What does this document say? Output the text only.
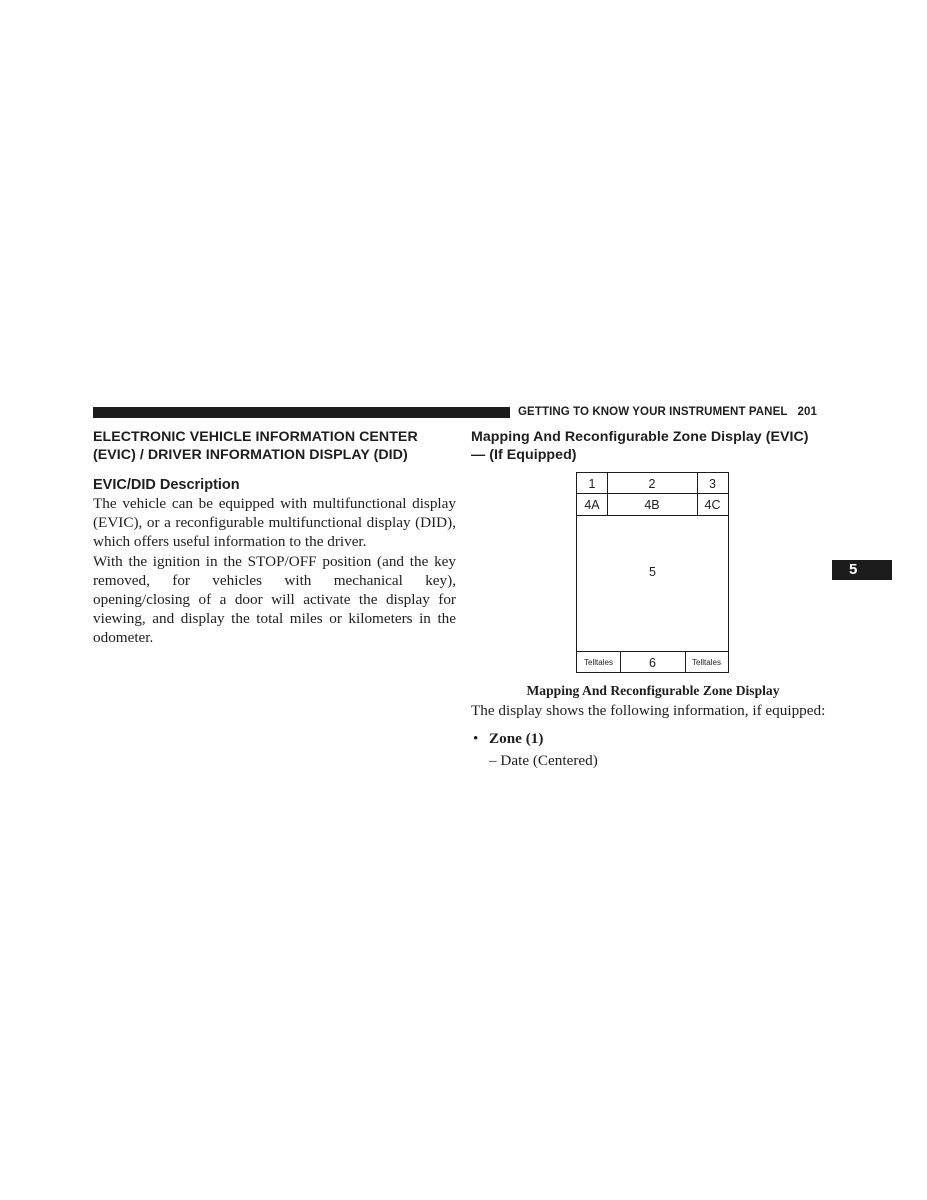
GETTING TO KNOW YOUR INSTRUMENT PANEL 201
5
ELECTRONIC VEHICLE INFORMATION CENTER
(EVIC) / DRIVER INFORMATION DISPLAY (DID)
EVIC/DID Description

The vehicle can be equipped with multifunctional display (EVIC), or a reconfigurable multifunctional display (DID), which offers useful information to the driver.

With the ignition in the STOP/OFF position (and the key removed, for vehicles with mechanical key), opening/closing of a door will activate the display for viewing, and display the total miles or kilometers in the odometer.

Mapping And Reconfigurable Zone Display (EVIC)
— (If Equipped)
1	2	3
4A	4B	4C
5
Telltales	6	Telltales
Mapping And Reconfigurable Zone Display

The display shows the following information, if equipped:

• Zone (1)
– Date (Centered)
